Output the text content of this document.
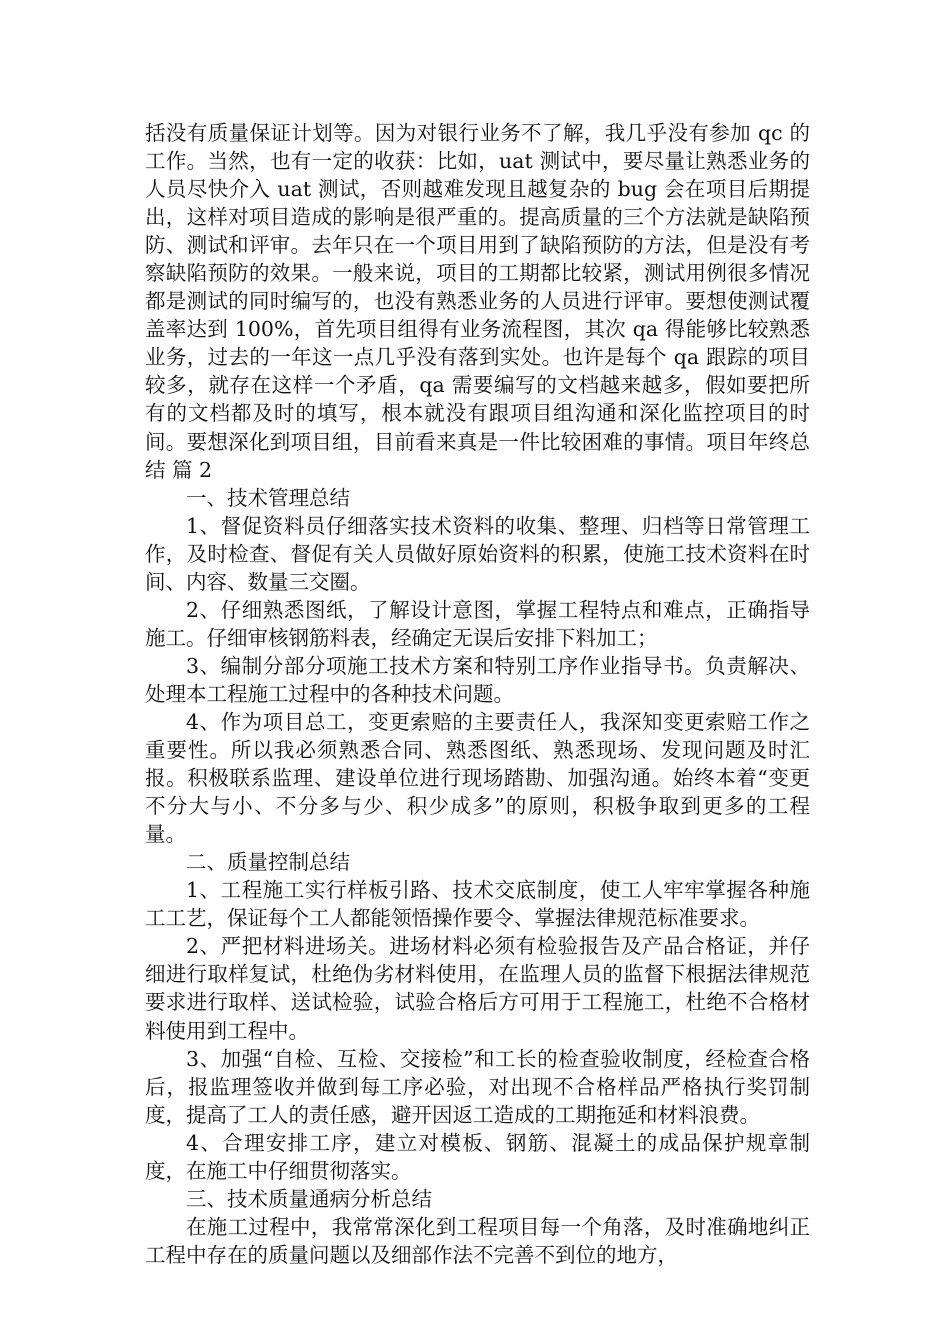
括没有质量保证计划等。因为对银行业务不了解，我几乎没有参加 qc 的工作。当然，也有一定的收获：比如，uat 测试中，要尽量让熟悉业务的人员尽快介入 uat 测试，否则越难发现且越复杂的 bug 会在项目后期提出，这样对项目造成的影响是很严重的。提高质量的三个方法就是缺陷预防、测试和评审。去年只在一个项目用到了缺陷预防的方法，但是没有考察缺陷预防的效果。一般来说，项目的工期都比较紧，测试用例很多情况都是测试的同时编写的，也没有熟悉业务的人员进行评审。要想使测试覆盖率达到 100%，首先项目组得有业务流程图，其次 qa 得能够比较熟悉业务，过去的一年这一点几乎没有落到实处。也许是每个 qa 跟踪的项目较多，就存在这样一个矛盾，qa 需要编写的文档越来越多，假如要把所有的文档都及时的填写，根本就没有跟项目组沟通和深化监控项目的时间。要想深化到项目组，目前看来真是一件比较困难的事情。项目年终总结 篇 2

一、技术管理总结

1、督促资料员仔细落实技术资料的收集、整理、归档等日常管理工作，及时检查、督促有关人员做好原始资料的积累，使施工技术资料在时间、内容、数量三交圈。

2、仔细熟悉图纸，了解设计意图，掌握工程特点和难点，正确指导施工。仔细审核钢筋料表，经确定无误后安排下料加工；

3、编制分部分项施工技术方案和特别工序作业指导书。负责解决、处理本工程施工过程中的各种技术问题。

4、作为项目总工，变更索赔的主要责任人，我深知变更索赔工作之重要性。所以我必须熟悉合同、熟悉图纸、熟悉现场、发现问题及时汇报。积极联系监理、建设单位进行现场踏勘、加强沟通。始终本着“变更不分大与小、不分多与少、积少成多”的原则，积极争取到更多的工程量。

二、质量控制总结

1、工程施工实行样板引路、技术交底制度，使工人牢牢掌握各种施工工艺，保证每个工人都能领悟操作要令、掌握法律规范标准要求。

2、严把材料进场关。进场材料必须有检验报告及产品合格证，并仔细进行取样复试，杜绝伪劣材料使用，在监理人员的监督下根据法律规范要求进行取样、送试检验，试验合格后方可用于工程施工，杜绝不合格材料使用到工程中。

3、加强“自检、互检、交接检”和工长的检查验收制度，经检查合格后，报监理签收并做到每工序必验，对出现不合格样品严格执行奖罚制度，提高了工人的责任感，避开因返工造成的工期拖延和材料浪费。

4、合理安排工序，建立对模板、钢筋、混凝土的成品保护规章制度，在施工中仔细贯彻落实。

三、技术质量通病分析总结

在施工过程中，我常常深化到工程项目每一个角落，及时准确地纠正工程中存在的质量问题以及细部作法不完善不到位的地方，
